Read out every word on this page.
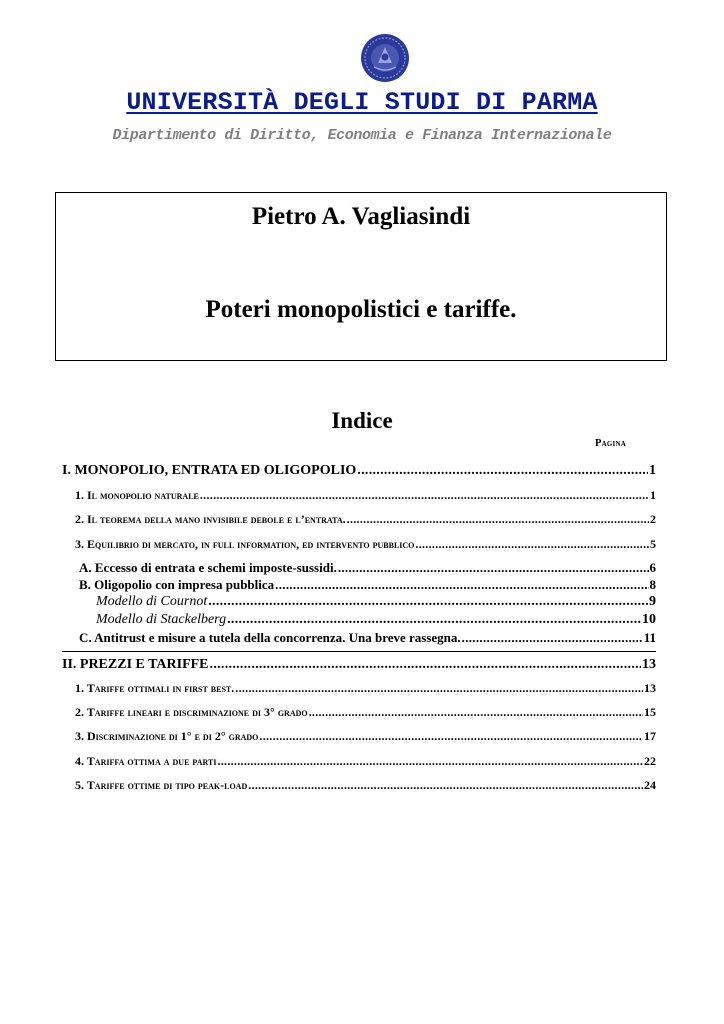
UNIVERSITÀ DEGLI STUDI DI PARMA
Dipartimento di Diritto, Economia e Finanza Internazionale
Pietro A. Vagliasindi
Poteri monopolistici e tariffe.
Indice
Pagina
I. MONOPOLIO, ENTRATA ED OLIGOPOLIO .....	1
1. Il monopolio naturale .....	1
2. Il teorema della mano invisibile debole e l’entrata. .....	2
3. Equilibrio di mercato, in full information, ed intervento pubblico .....	5
A. Eccesso di entrata e schemi imposte-sussidi. .....	6
B. Oligopolio con impresa pubblica .....	8
Modello di Cournot .....	9
Modello di Stackelberg .....	10
C. Antitrust e misure a tutela della concorrenza. Una breve rassegna. .....	11
II. PREZZI E TARIFFE .....	13
1. Tariffe ottimali in first best. .....	13
2. Tariffe lineari e discriminazione di 3° grado .....	15
3. Discriminazione di 1° e di 2° grado .....	17
4. Tariffa ottima a due parti .....	22
5. Tariffe ottime di tipo peak-load .....	24
